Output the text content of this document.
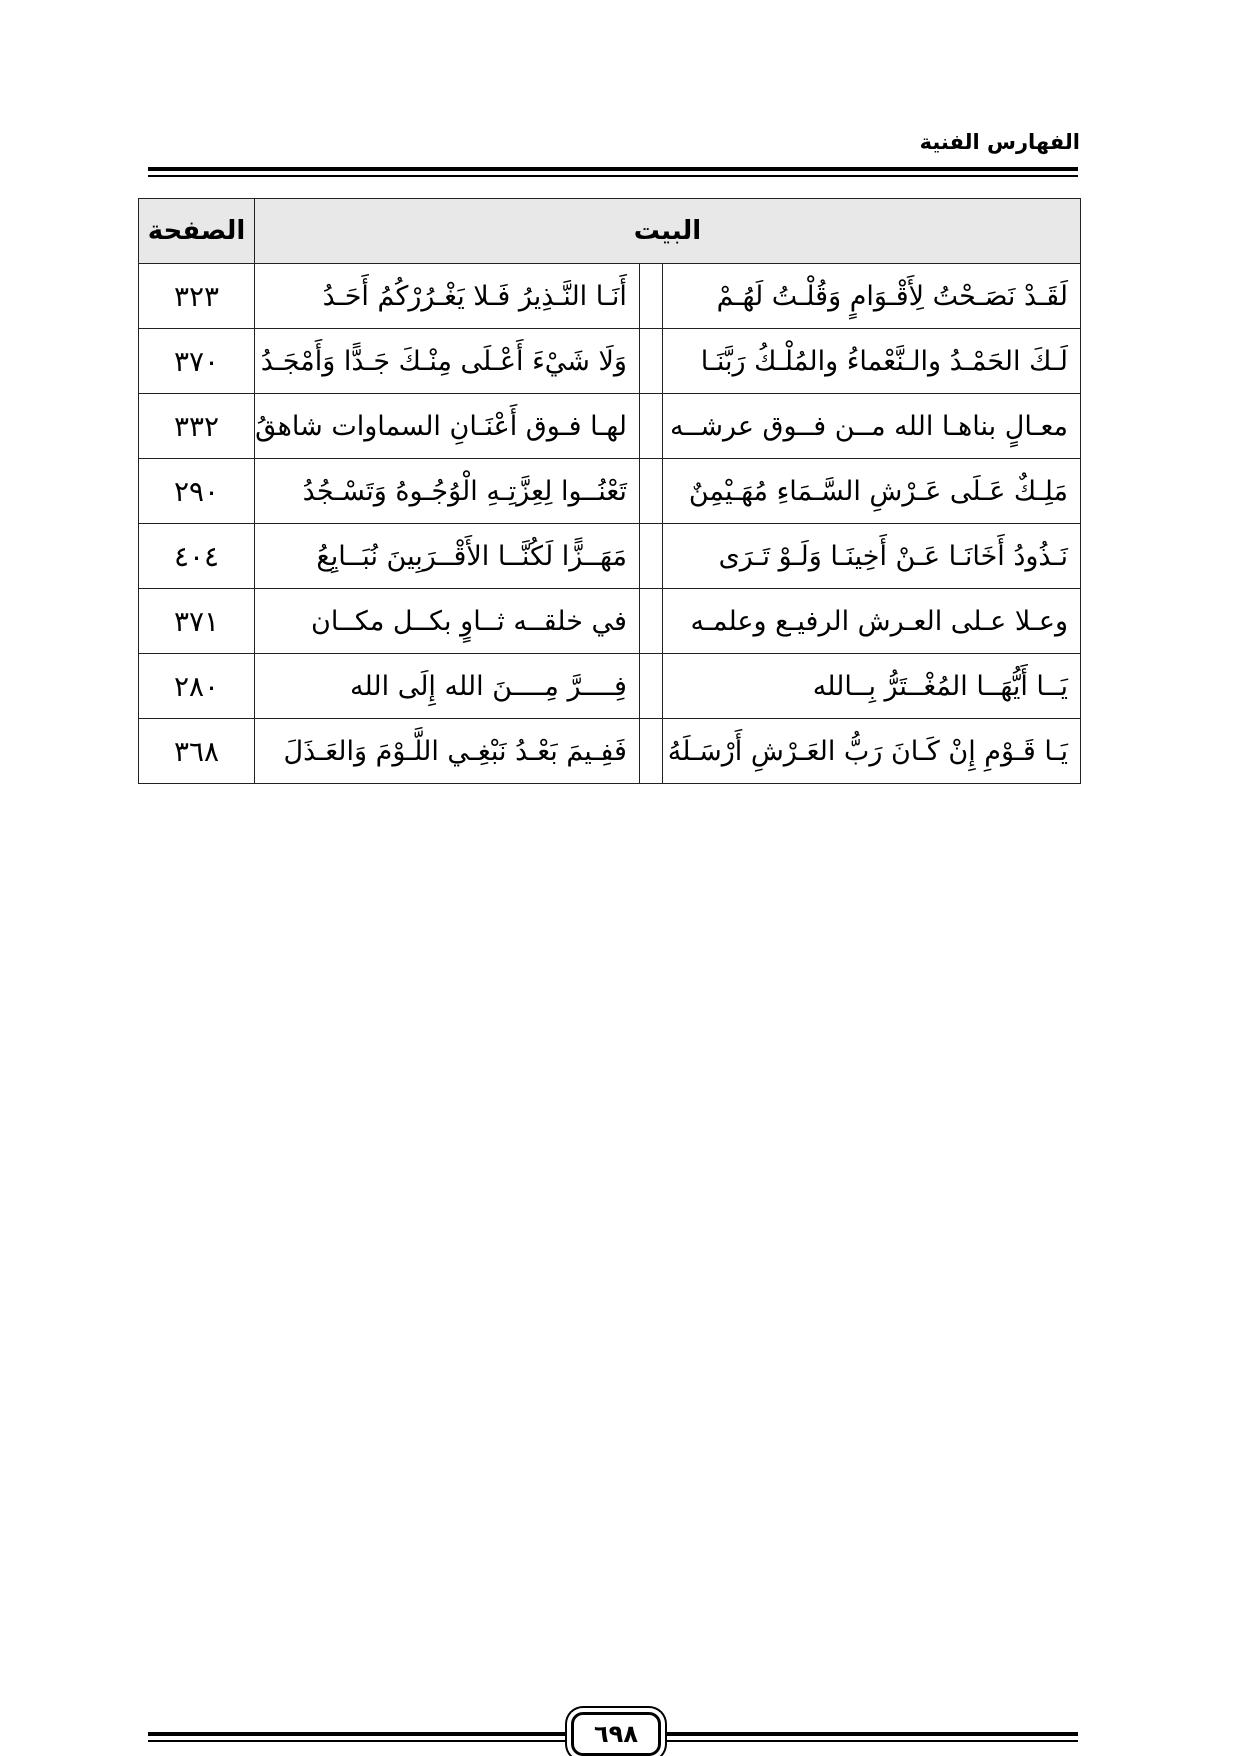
الفهارس الفنية
البيت			الصفحة
لَقَـدْ نَصَـحْتُ لِأَقْـوَامٍ وَقُلْـتُ لَهُـمْ		أَنَـا النَّـذِيرُ فَـلا يَغْـرُرْكُمُ أَحَـدُ	٣٢٣
لَـكَ الحَمْـدُ والـنَّعْماءُ والمُلْـكُ رَبَّنَـا		وَلَا شَيْءَ أَعْـلَى مِنْـكَ جَـدًّا وَأَمْجَـدُ	٣٧٠
معـالٍ بناهـا الله مــن فــوق عرشــه		لهـا فـوق أَعْنَـانِ السماوات شاهقُ	٣٣٢
مَلِـكٌ عَـلَى عَـرْشِ السَّـمَاءِ مُهَـيْمِنٌ		تَعْنُــوا لِعِزَّتِـهِ الْوُجُـوهُ وَتَسْـجُدُ	٢٩٠
نَـذُودُ أَخَانَـا عَـنْ أَخِينَـا وَلَـوْ تَـرَى		مَهَــزًّا لَكُنَّــا الأَقْــرَبِينَ نُبَــايِعُ	٤٠٤
وعـلا عـلى العـرش الرفيـع وعلمـه		في خلقــه ثــاوٍ بكــل مكــان	٣٧١
يَــا أَيُّهَــا المُغْــتَرُّ بِــالله		فِــــرَّ مِــــنَ الله إِلَى الله	٢٨٠
يَـا قَـوْمِ إِنْ كَـانَ رَبُّ العَـرْشِ أَرْسَـلَهُ		فَفِـيمَ بَعْـدُ نَبْغِـي اللَّـوْمَ وَالعَـذَلَ	٣٦٨
٦٩٨
